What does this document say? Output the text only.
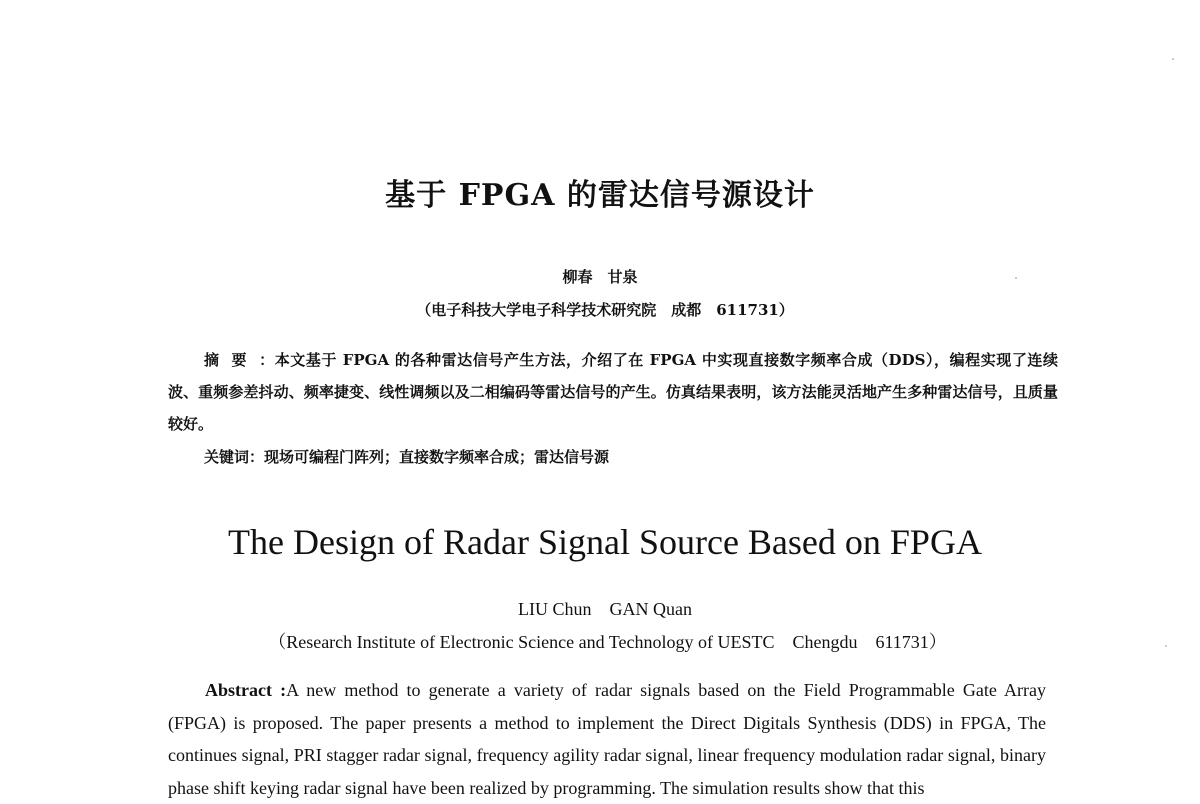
基于 FPGA 的雷达信号源设计
柳春　甘泉
（电子科技大学电子科学技术研究院　成都　611731）
摘要：本文基于 FPGA 的各种雷达信号产生方法，介绍了在 FPGA 中实现直接数字频率合成（DDS），编程实现了连续波、重频参差抖动、频率捷变、线性调频以及二相编码等雷达信号的产生。仿真结果表明，该方法能灵活地产生多种雷达信号，且质量较好。
关键词：现场可编程门阵列；直接数字频率合成；雷达信号源
The Design of Radar Signal Source Based on FPGA
LIU Chun　GAN Quan
（Research Institute of Electronic Science and Technology of UESTC　Chengdu　611731）
Abstract :A new method to generate a variety of radar signals based on the Field Programmable Gate Array (FPGA) is proposed. The paper presents a method to implement the Direct Digitals Synthesis (DDS) in FPGA, The continues signal, PRI stagger radar signal, frequency agility radar signal, linear frequency modulation radar signal, binary phase shift keying radar signal have been realized by programming. The simulation results show that this
